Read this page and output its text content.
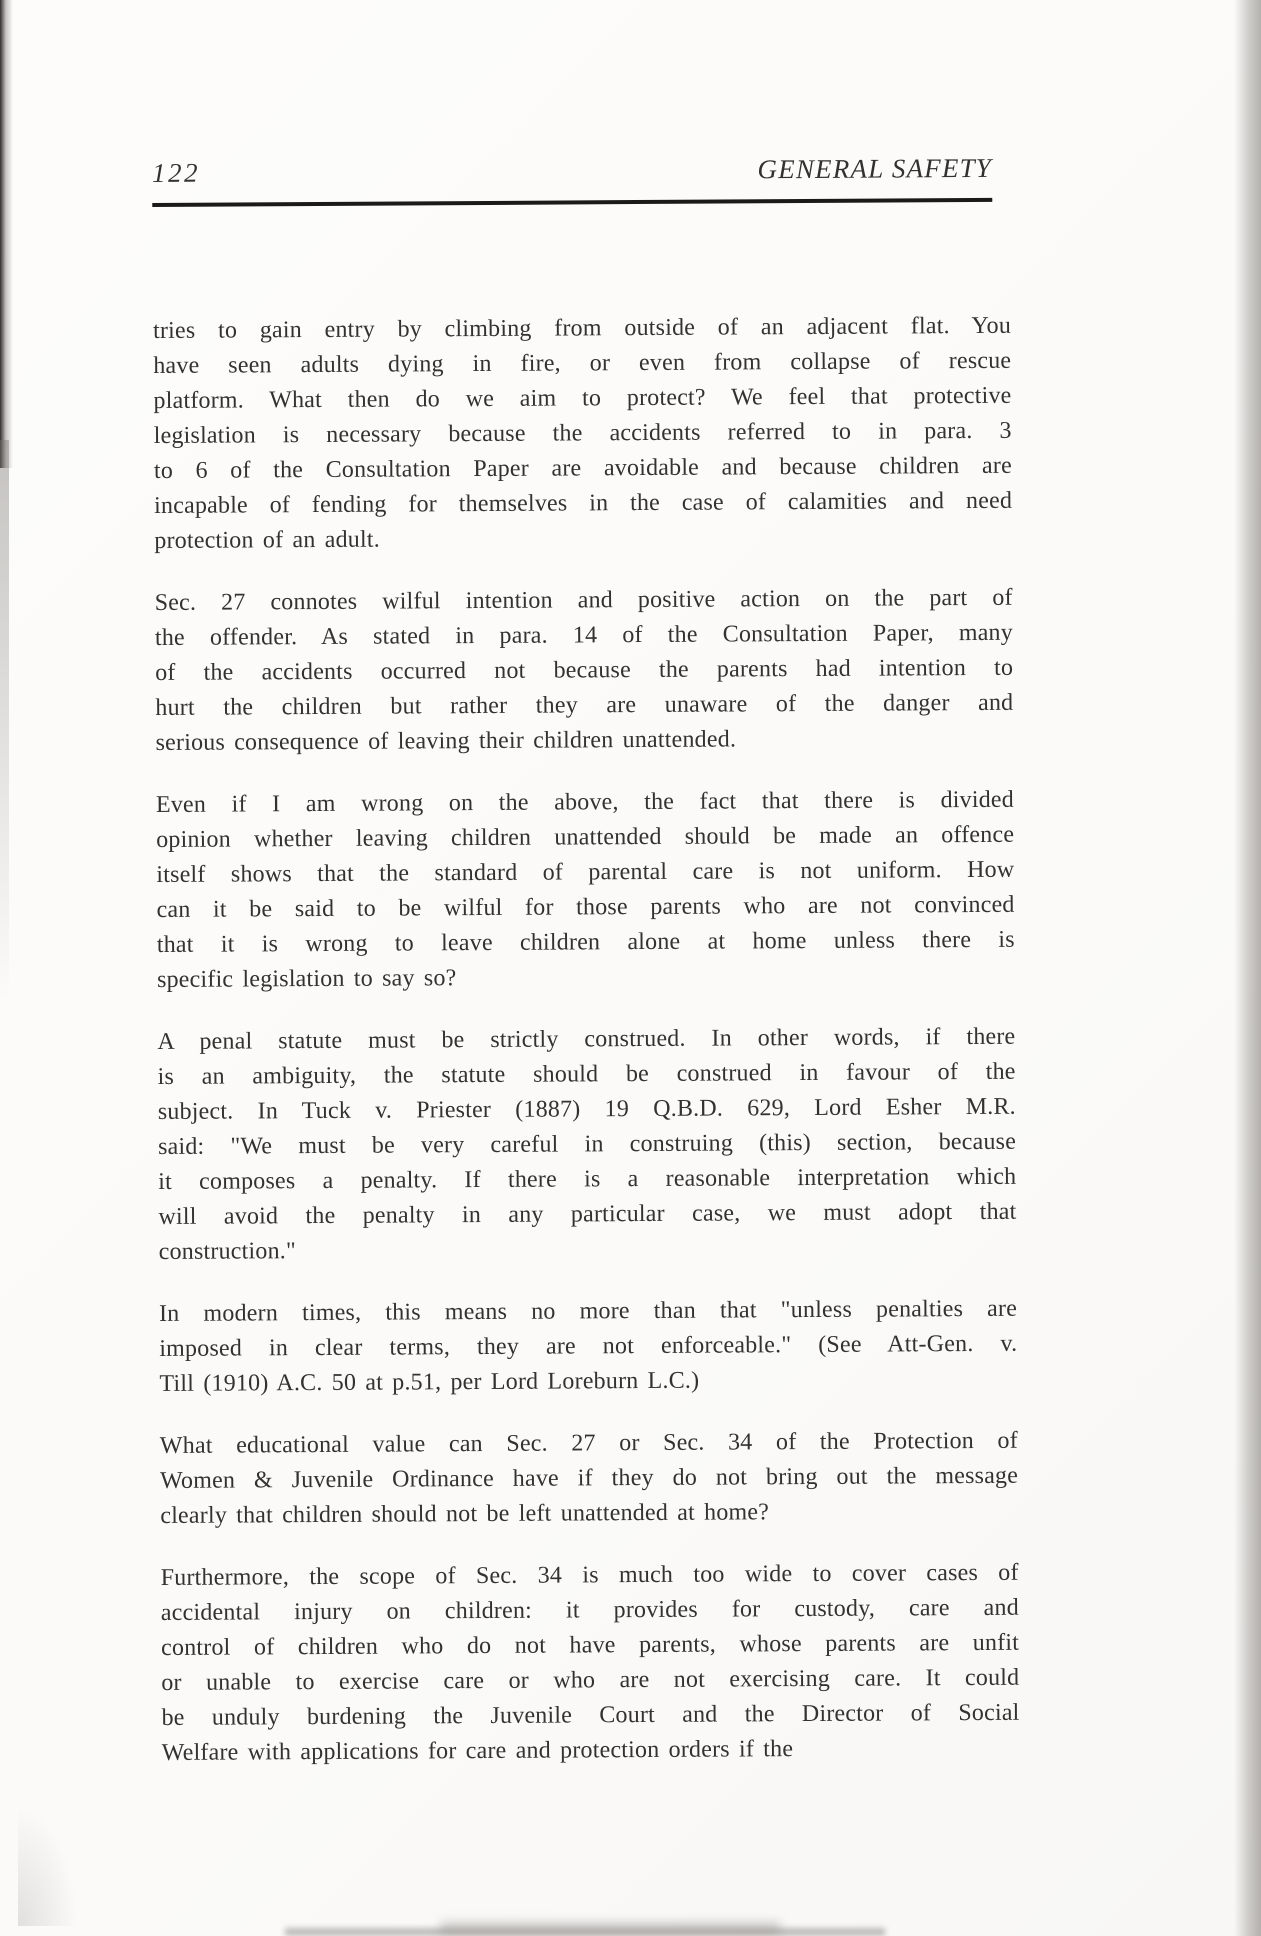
122	GENERAL SAFETY
tries to gain entry by climbing from outside of an adjacent flat. You
have seen adults dying in fire, or even from collapse of rescue
platform. What then do we aim to protect? We feel that protective
legislation is necessary because the accidents referred to in para. 3
to 6 of the Consultation Paper are avoidable and because children are
incapable of fending for themselves in the case of calamities and need
protection of an adult.
Sec. 27 connotes wilful intention and positive action on the part of
the offender. As stated in para. 14 of the Consultation Paper, many
of the accidents occurred not because the parents had intention to
hurt the children but rather they are unaware of the danger and
serious consequence of leaving their children unattended.
Even if I am wrong on the above, the fact that there is divided
opinion whether leaving children unattended should be made an offence
itself shows that the standard of parental care is not uniform. How
can it be said to be wilful for those parents who are not convinced
that it is wrong to leave children alone at home unless there is
specific legislation to say so?
A penal statute must be strictly construed. In other words, if there
is an ambiguity, the statute should be construed in favour of the
subject. In Tuck v. Priester (1887) 19 Q.B.D. 629, Lord Esher M.R.
said: "We must be very careful in construing (this) section, because
it composes a penalty. If there is a reasonable interpretation which
will avoid the penalty in any particular case, we must adopt that
construction."
In modern times, this means no more than that "unless penalties are
imposed in clear terms, they are not enforceable." (See Att-Gen. v.
Till (1910) A.C. 50 at p.51, per Lord Loreburn L.C.)
What educational value can Sec. 27 or Sec. 34 of the Protection of
Women & Juvenile Ordinance have if they do not bring out the message
clearly that children should not be left unattended at home?
Furthermore, the scope of Sec. 34 is much too wide to cover cases of
accidental injury on children: it provides for custody, care and
control of children who do not have parents, whose parents are unfit
or unable to exercise care or who are not exercising care. It could
be unduly burdening the Juvenile Court and the Director of Social
Welfare with applications for care and protection orders if the
